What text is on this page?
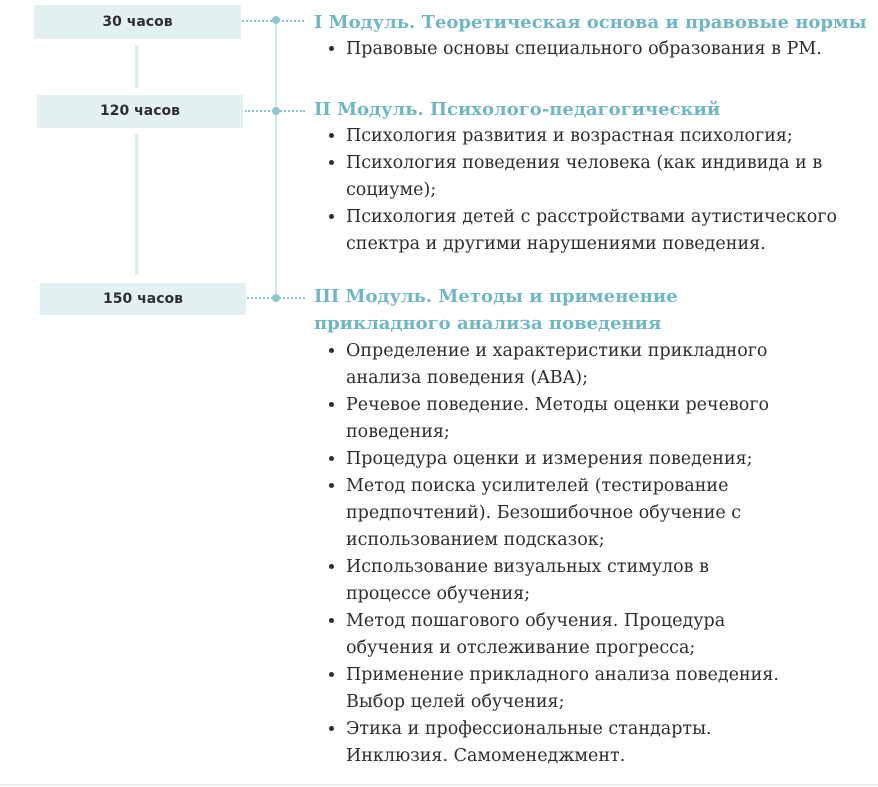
30 часов	I Модуль. Теоретическая основа и правовые нормы
• Правовые основы специального образования в РМ.
120 часов	II Модуль. Психолого-педагогический
• Психология развития и возрастная психология;
• Психология поведения человека (как индивида и в социуме);
• Психология детей с расстройствами аутистического спектра и другими нарушениями поведения.
150 часов	III Модуль. Методы и применение прикладного анализа поведения
• Определение и характеристики прикладного анализа поведения (ABA);
• Речевое поведение. Методы оценки речевого поведения;
• Процедура оценки и измерения поведения;
• Метод поиска усилителей (тестирование предпочтений). Безошибочное обучение с использованием подсказок;
• Использование визуальных стимулов в процессе обучения;
• Метод пошагового обучения. Процедура обучения и отслеживание прогресса;
• Применение прикладного анализа поведения. Выбор целей обучения;
• Этика и профессиональные стандарты. Инклюзия. Самоменеджмент.
